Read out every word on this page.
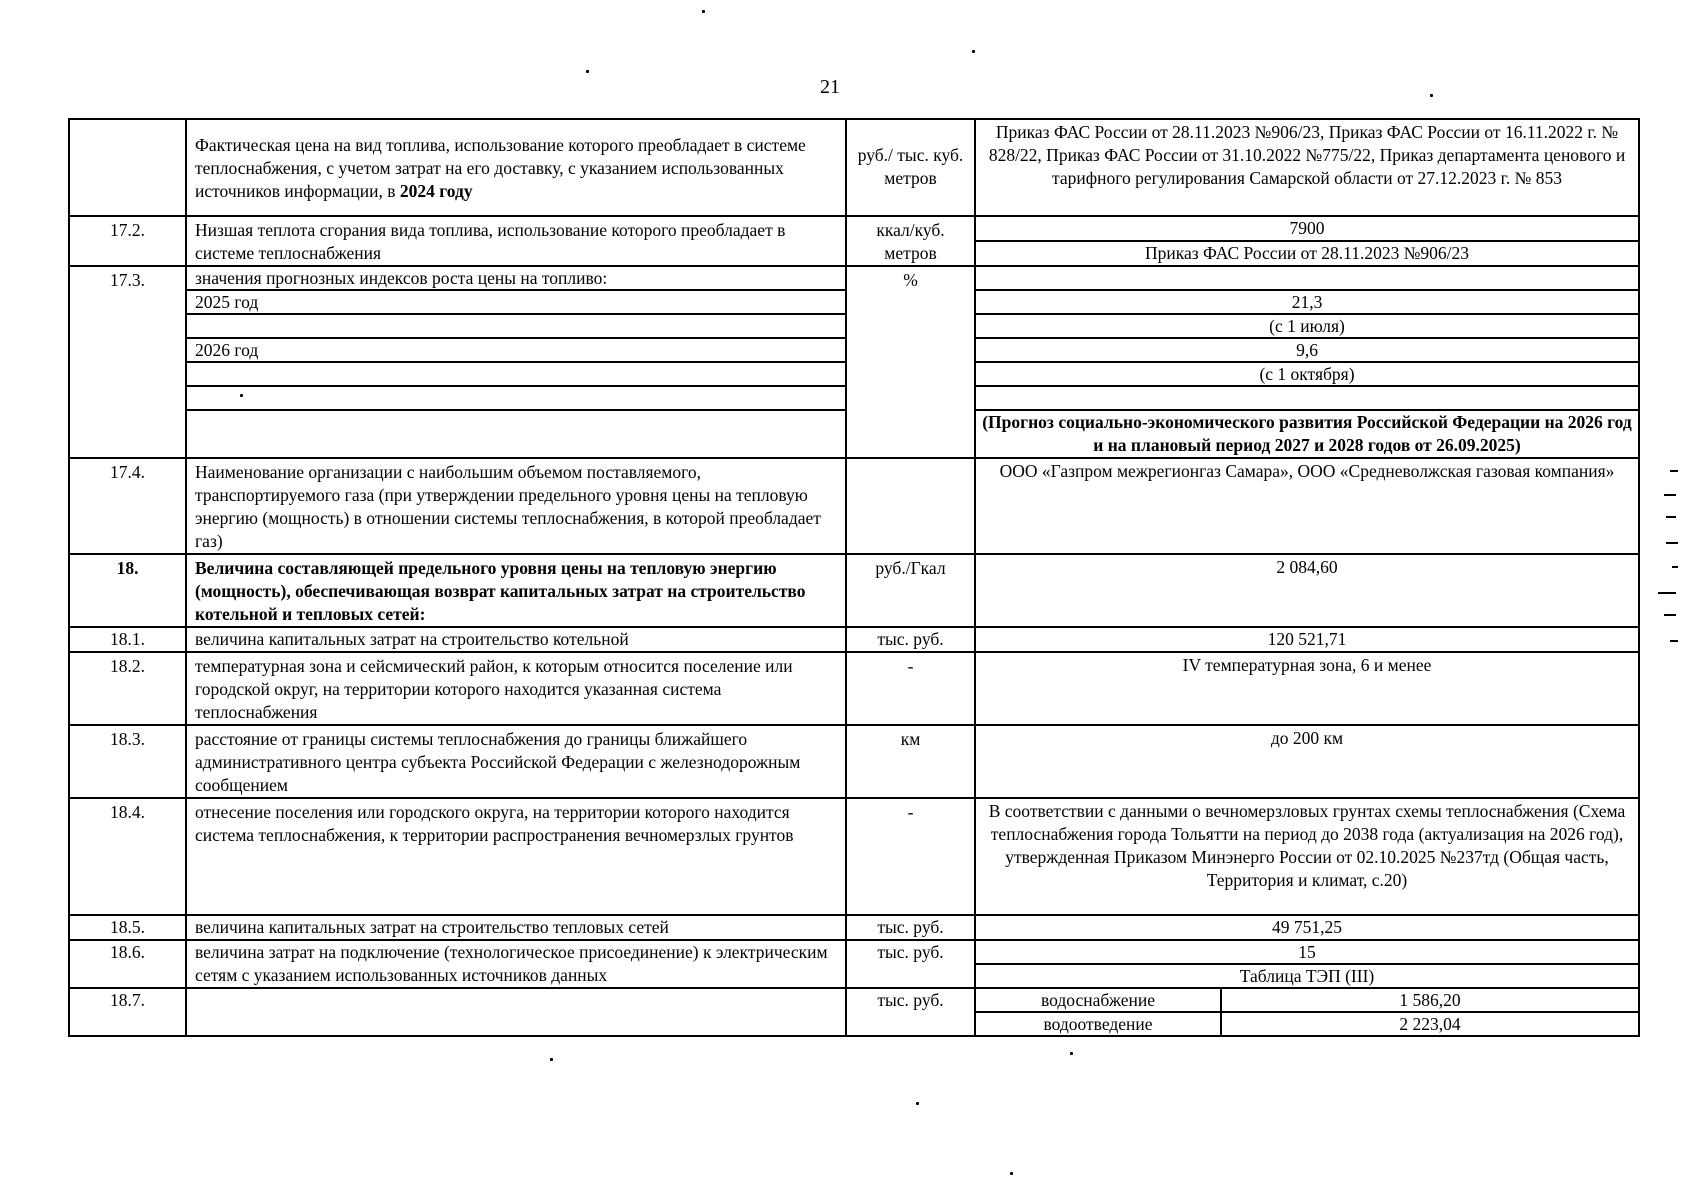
21
	Фактическая цена на вид топлива, использование которого преобладает в системе теплоснабжения, с учетом затрат на его доставку, с указанием использованных источников информации, в 2024 году	руб./ тыс. куб. метров	Приказ ФАС России от 28.11.2023 №906/23, Приказ ФАС России от 16.11.2022 г. № 828/22, Приказ ФАС России от 31.10.2022 №775/22, Приказ департамента ценового и тарифного регулирования Самарской области от 27.12.2023 г. № 853	
17.2.	Низшая теплота сгорания вида топлива, использование которого преобладает в системе теплоснабжения	ккал/куб. метров	7900	
			Приказ ФАС России от 28.11.2023 №906/23	
17.3.	значения прогнозных индексов роста цены на топливо:	%		
	2025 год		21,3	
			(с 1 июля)	
	2026 год		9,6	
			(с 1 октября)	

			(Прогноз социально-экономического развития Российской Федерации на 2026 год и на плановый период 2027 и 2028 годов от 26.09.2025)	
17.4.	Наименование организации с наибольшим объемом поставляемого, транспортируемого газа (при утверждении предельного уровня цены на тепловую энергию (мощность) в отношении системы теплоснабжения, в которой преобладает газ)		ООО «Газпром межрегионгаз Самара», ООО «Средневолжская газовая компания»	
18.	Величина составляющей предельного уровня цены на тепловую энергию (мощность), обеспечивающая возврат капитальных затрат на строительство котельной и тепловых сетей:	руб./Гкал	2 084,60	
18.1.	величина капитальных затрат на строительство котельной	тыс. руб.	120 521,71	
18.2.	температурная зона и сейсмический район, к которым относится поселение или городской округ, на территории которого находится указанная система теплоснабжения	-	IV температурная зона, 6 и менее	
18.3.	расстояние от границы системы теплоснабжения до границы ближайшего административного центра субъекта Российской Федерации с железнодорожным сообщением	км	до 200 км	
18.4.	отнесение поселения или городского округа, на территории которого находится система теплоснабжения, к территории распространения вечномерзлых грунтов	-	В соответствии с данными о вечномерзловых грунтах схемы теплоснабжения (Схема теплоснабжения города Тольятти на период до 2038 года (актуализация на 2026 год), утвержденная Приказом Минэнерго России от 02.10.2025 №237тд (Общая часть, Территория и климат, с.20)	
18.5.	величина капитальных затрат на строительство тепловых сетей	тыс. руб.	49 751,25	
18.6.	величина затрат на подключение (технологическое присоединение) к электрическим сетям с указанием использованных источников данных	тыс. руб.	15	
			Таблица ТЭП (III)	
18.7.		тыс. руб.	водоснабжение	1 586,20
			водоотведение	2 223,04
